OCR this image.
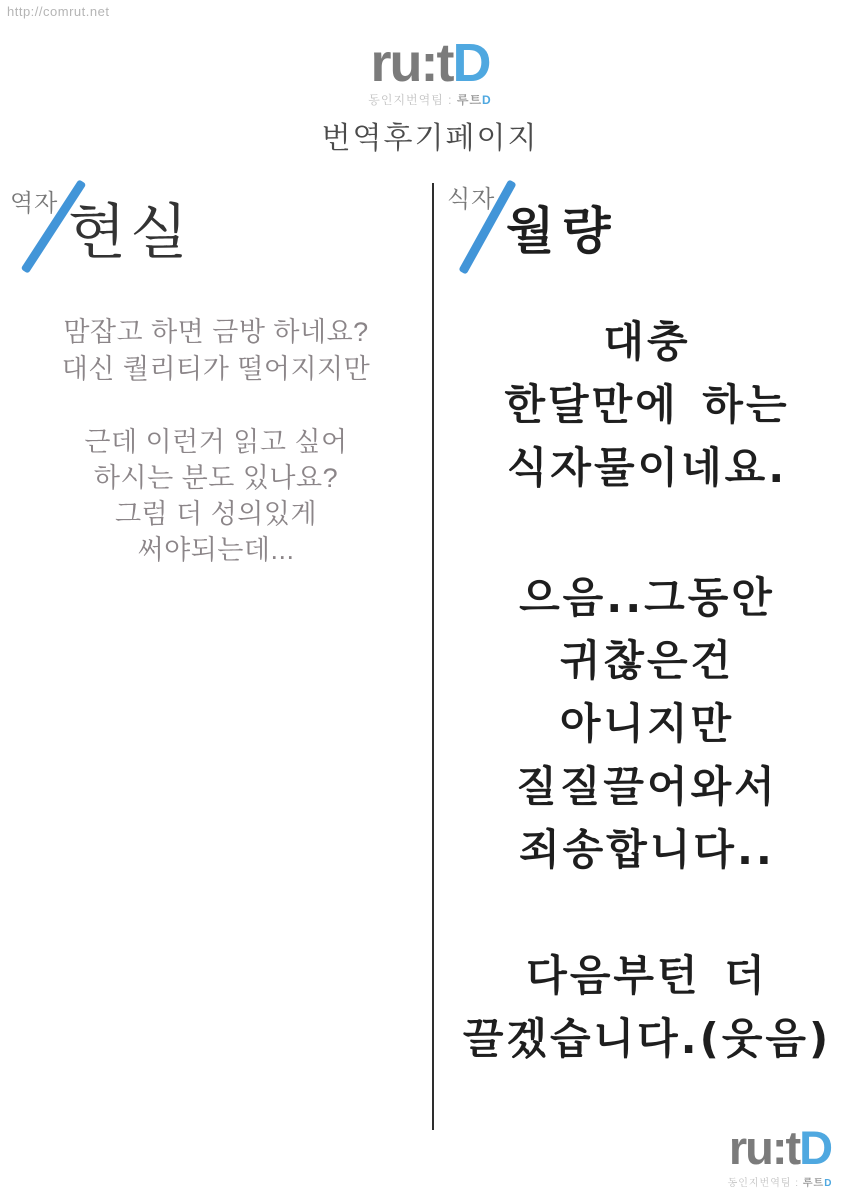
http://comrut.net
ru:tD
동인지번역팀 : 루트D
번역후기페이지
역자 현실
맘잡고 하면 금방 하네요?
대신 퀄리티가 떨어지지만
근데 이런거 읽고 싶어
하시는 분도 있나요?
그럼 더 성의있게
써야되는데...
식자
월량
대충
한달만에 하는
식자물이네요.
으음..그동안
귀찮은건
아니지만
질질끌어와서
죄송합니다..
다음부턴 더
끌겠습니다.(웃음)
ru:tD
동인지번역팀 : 루트D
